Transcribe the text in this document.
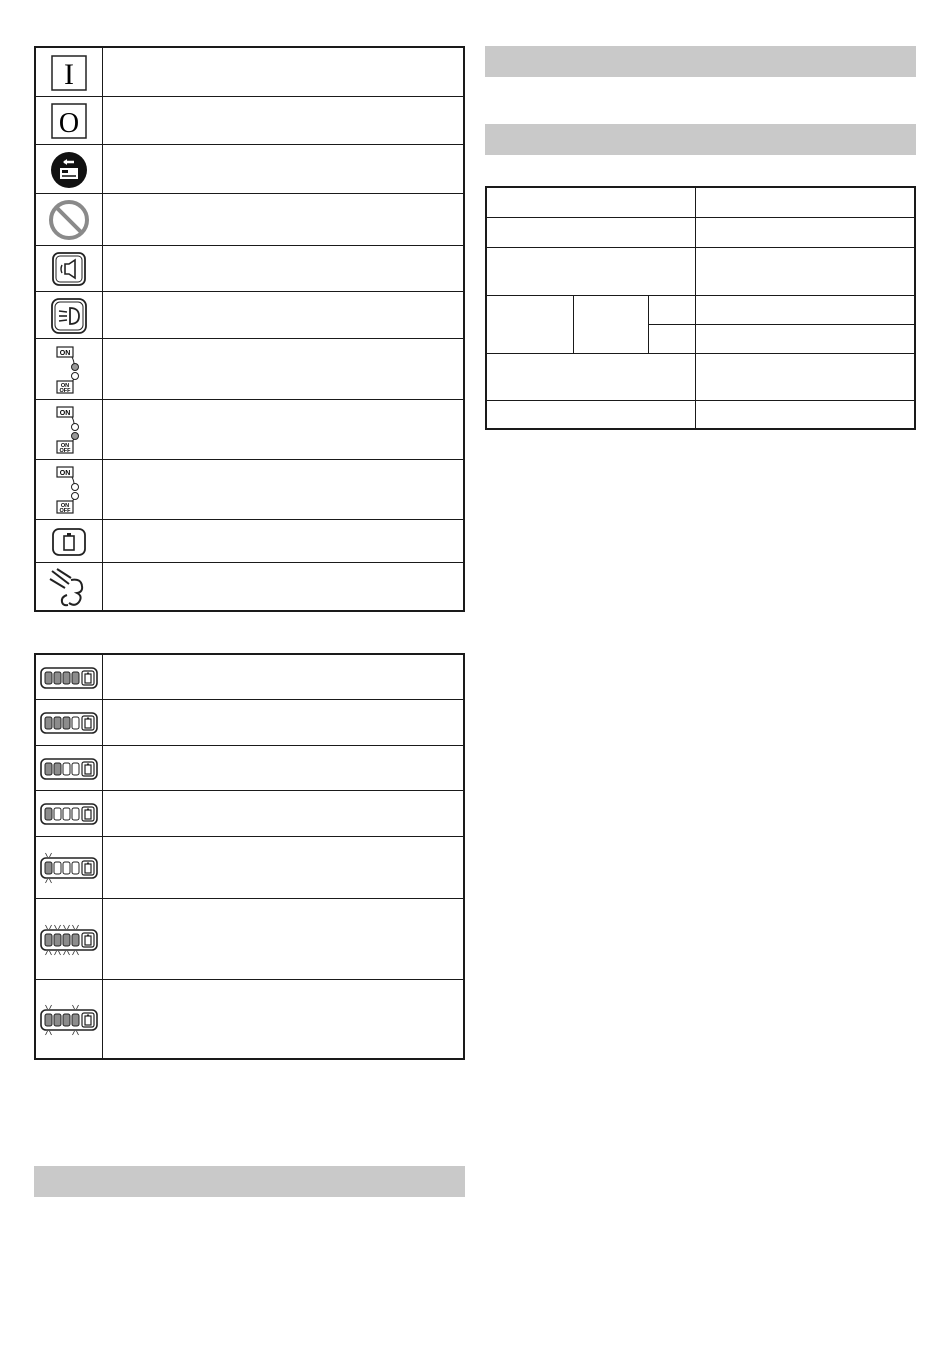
I
O
ON
ON
OFF
ON
ON
OFF
ON
ON
OFF
